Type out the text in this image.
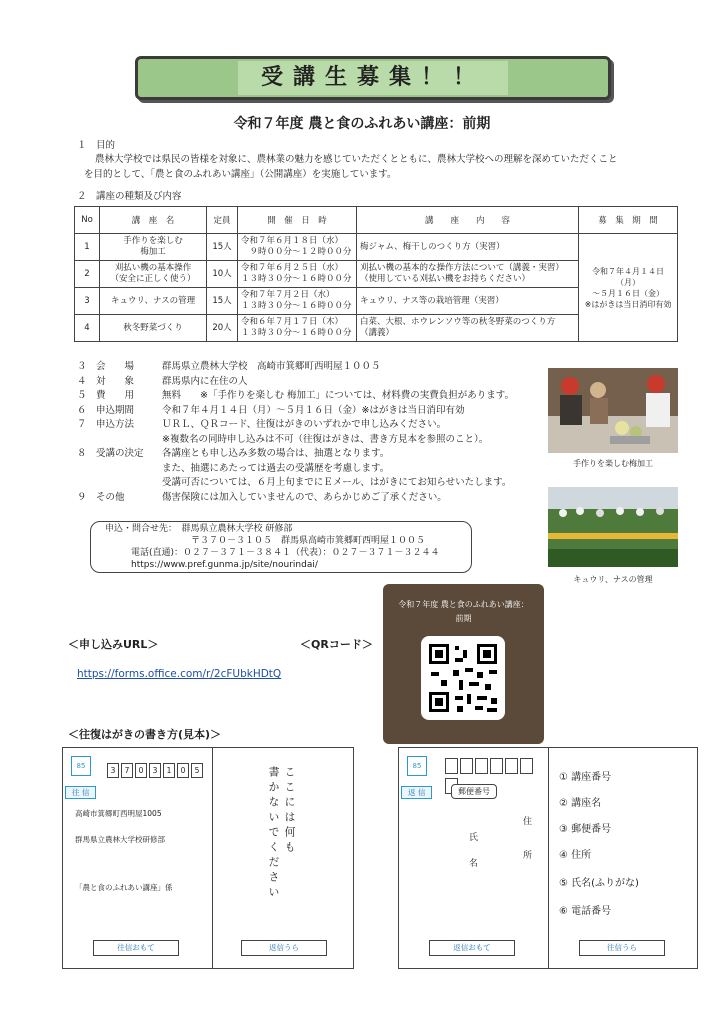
受講生募集！！
令和７年度 農と食のふれあい講座：前期
１　目的
農林大学校では県民の皆様を対象に、農林業の魅力を感じていただくとともに、農林大学校への理解を深めていただくこと
を目的として、「農と食のふれあい講座」（公開講座）を実施しています。
２　講座の種類及び内容
No	講　座　名	定員	開　催　日　時	講　　座　　内　　容	募　集　期　間
1	手作りを楽しむ
梅加工	15人	令和７年６月１８日（水）
　９時００分～１２時００分	梅ジャム、梅干しのつくり方（実習）	令和７年４月１４日（月）
～５月１６日（金）
※はがきは当日消印有効
2	刈払い機の基本操作
（安全に正しく使う）	10人	令和７年６月２５日（水）
１３時３０分～１６時００分	刈払い機の基本的な操作方法について（講義・実習）
（使用している刈払い機をお持ちください）	
3	キュウリ、ナスの管理	15人	令和７年７月２日（水）
１３時３０分～１６時００分	キュウリ、ナス等の栽培管理（実習）	
4	秋冬野菜づくり	20人	令和６年７月１７日（木）
１３時３０分～１６時００分	白菜、大根、ホウレンソウ等の秋冬野菜のつくり方
（講義）	
３　会　　場	群馬県立農林大学校　高崎市箕郷町西明屋１００５
４　対　　象	群馬県内に在住の人
５　費　　用	無料　　※「手作りを楽しむ 梅加工」については、材料費の実費負担があります。
６　申込期間	令和７年４月１４日（月）～５月１６日（金）※はがきは当日消印有効
７　申込方法	ＵＲＬ、ＱＲコード、往復はがきのいずれかで申し込みください。
※複数名の同時申し込みは不可（往復はがきは、書き方見本を参照のこと）。
８　受講の決定	各講座とも申し込み多数の場合は、抽選となります。
また、抽選にあたっては過去の受講歴を考慮します。
受講可否については、６月上旬までにＥメール、はがきにてお知らせいたします。
９　その他	傷害保険には加入していませんので、あらかじめご了承ください。
申込・問合せ先：　群馬県立農林大学校 研修部
〒３７０－３１０５　群馬県高崎市箕郷町西明屋１００５
電話(直通)：０２７－３７１－３８４１（代表）：０２７－３７１－３２４４
https://www.pref.gunma.jp/site/nourindai/
手作りを楽しむ梅加工
キュウリ、ナスの管理
＜申し込みURL＞
https://forms.office.com/r/2cFUbkHDtQ
＜QRコード＞
令和７年度 農と食のふれあい講座：
前期
＜往復はがきの書き方(見本)＞
85	3 7 0 3 1 0 5
往 信
高崎市箕郷町西明屋1005
群馬県立農林大学校研修部
「農と食のふれあい講座」係
往信おもて
ここには何も
書かないでください
返信うら
85
返 信	郵便番号
住
所
氏
名
返信おもて
① 講座番号
② 講座名
③ 郵便番号
④ 住所
⑤ 氏名(ふりがな)
⑥ 電話番号
往信うら
